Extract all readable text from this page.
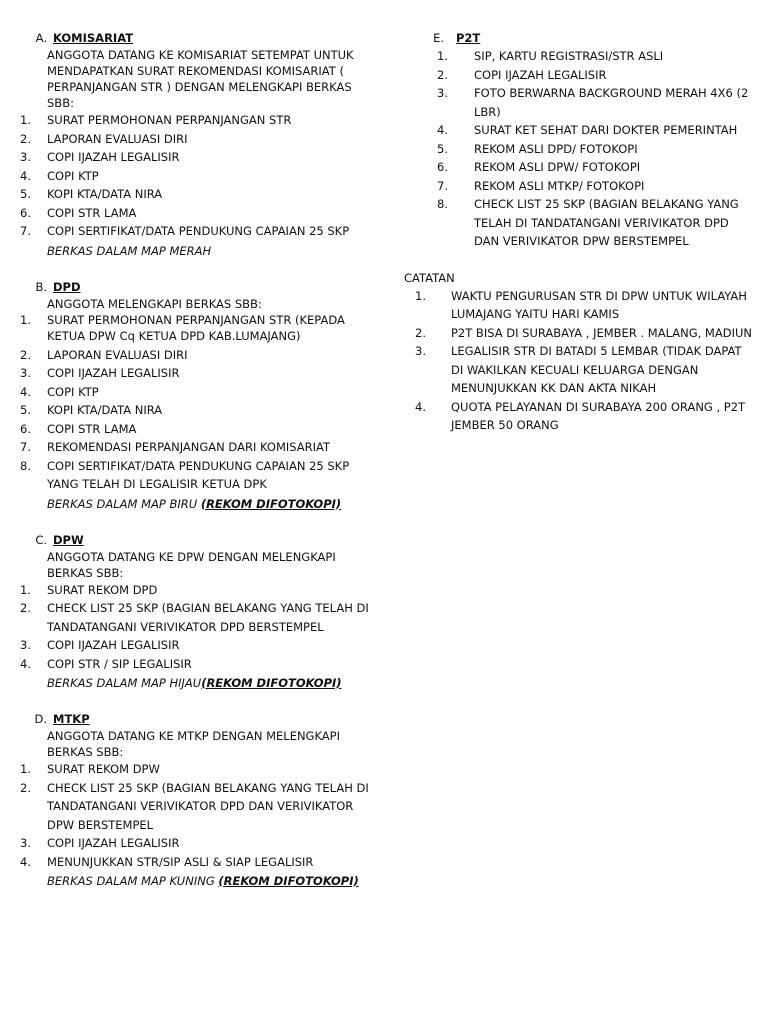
A. KOMISARIAT
ANGGOTA DATANG KE KOMISARIAT SETEMPAT UNTUK MENDAPATKAN SURAT REKOMENDASI KOMISARIAT ( PERPANJANGAN STR ) DENGAN MELENGKAPI BERKAS SBB:
1.	SURAT PERMOHONAN PERPANJANGAN STR
2.	LAPORAN EVALUASI DIRI
3.	COPI IJAZAH LEGALISIR
4.	COPI KTP
5.	KOPI KTA/DATA NIRA
6.	COPI STR LAMA
7.	COPI SERTIFIKAT/DATA PENDUKUNG CAPAIAN 25 SKP
BERKAS DALAM MAP MERAH
B. DPD
ANGGOTA MELENGKAPI BERKAS SBB:
1.	SURAT PERMOHONAN PERPANJANGAN STR (KEPADA KETUA DPW Cq KETUA DPD KAB.LUMAJANG)
2.	LAPORAN EVALUASI DIRI
3.	COPI IJAZAH LEGALISIR
4.	COPI KTP
5.	KOPI KTA/DATA NIRA
6.	COPI STR LAMA
7.	REKOMENDASI PERPANJANGAN DARI KOMISARIAT
8.	COPI SERTIFIKAT/DATA PENDUKUNG CAPAIAN 25 SKP YANG TELAH DI LEGALISIR KETUA DPK
BERKAS DALAM MAP BIRU (REKOM DIFOTOKOPI)
C. DPW
ANGGOTA DATANG KE DPW DENGAN MELENGKAPI BERKAS SBB:
1.	SURAT REKOM DPD
2.	CHECK LIST 25 SKP (BAGIAN BELAKANG YANG TELAH DI TANDATANGANI VERIVIKATOR DPD BERSTEMPEL
3.	COPI IJAZAH LEGALISIR
4.	COPI STR / SIP LEGALISIR
BERKAS DALAM MAP HIJAU(REKOM DIFOTOKOPI)
D. MTKP
ANGGOTA DATANG KE MTKP DENGAN MELENGKAPI BERKAS SBB:
1.	SURAT REKOM DPW
2.	CHECK LIST 25 SKP (BAGIAN BELAKANG YANG TELAH DI TANDATANGANI VERIVIKATOR DPD DAN VERIVIKATOR DPW BERSTEMPEL
3.	COPI IJAZAH LEGALISIR
4.	MENUNJUKKAN STR/SIP ASLI & SIAP LEGALISIR
BERKAS DALAM MAP KUNING (REKOM DIFOTOKOPI)
E. P2T
1.	SIP, KARTU REGISTRASI/STR ASLI
2.	COPI IJAZAH LEGALISIR
3.	FOTO BERWARNA BACKGROUND MERAH 4X6 (2 LBR)
4.	SURAT KET SEHAT DARI DOKTER PEMERINTAH
5.	REKOM ASLI DPD/ FOTOKOPI
6.	REKOM ASLI DPW/ FOTOKOPI
7.	REKOM ASLI MTKP/ FOTOKOPI
8.	CHECK LIST 25 SKP (BAGIAN BELAKANG YANG TELAH DI TANDATANGANI VERIVIKATOR DPD DAN VERIVIKATOR DPW BERSTEMPEL
CATATAN
1.	WAKTU PENGURUSAN STR DI DPW UNTUK WILAYAH LUMAJANG YAITU HARI KAMIS
2.	P2T BISA DI SURABAYA , JEMBER . MALANG, MADIUN
3.	LEGALISIR STR DI BATADI 5 LEMBAR (TIDAK DAPAT DI WAKILKAN KECUALI KELUARGA DENGAN MENUNJUKKAN KK DAN AKTA NIKAH
4.	QUOTA PELAYANAN DI SURABAYA 200 ORANG , P2T JEMBER 50 ORANG
